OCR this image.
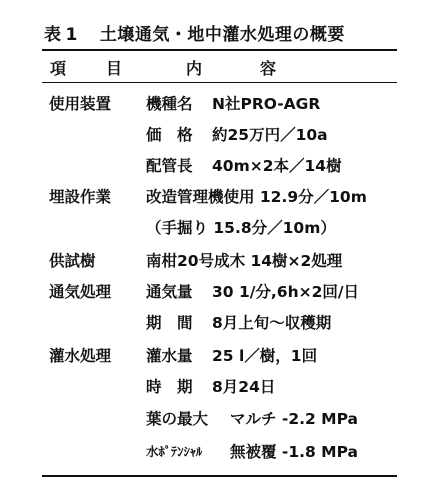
表 1 土壌通気・地中灌水処理の概要
項目 内容
使用装置 機種名 N社PRO-AGR
価　格 約25万円／10a
配管長 40m×2本／14樹
埋設作業 改造管理機使用 12.9分／10m
（手掘り 15.8分／10m）
供試樹	南柑20号成木 14樹×2処理
通気処理 通気量 30 1/分,6h×2回/日
期　間 8月上旬～収穫期
灌水処理 灌水量 25 l／樹，1回
時　期 8月24日
葉の最大 マルチ -2.2 MPa
水ﾎﾟﾃﾝｼｬﾙ 無被覆 -1.8 MPa
